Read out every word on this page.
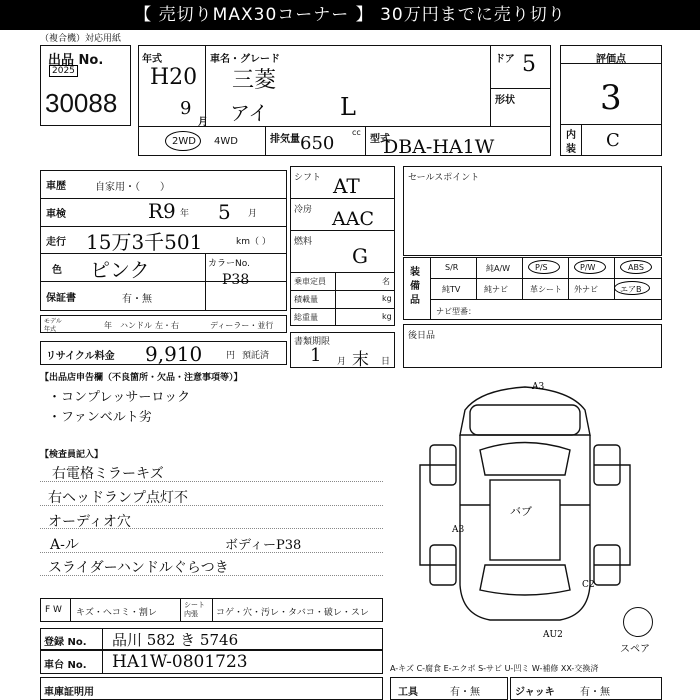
【 売切りMAX30コーナー 】 30万円までに売り切り
（複合機）対応用紙
出品 No.
2025
30088
年式
H20
9
月
車名・グレード
三菱
アイ	L
ドア 5
形状
2WD 4WD	排気量 650
cc
型式
DBA-HA1W
評価点
3
内
装 C
車歴	自家用・（　　）
車検	R9 年 5 月
走行 15万3千501	km（ ）
色 ピンク	カラーNo.
P38
保証書	有・無
モデル
年式	年 ハンドル 左・右	ディーラー・並行
リサイクル料金 9,910	円 預託済
シフト AT
冷房 AAC
燃料
G
乗車定員	名
積載量	kg
総重量	kg
書類期限
1 月 末 日
セールスポイント
装備品
S/R	純A/W	P/S	P/W	ABS
純TV	純ナビ	革シート 外ナビ	エアB
ナビ型番：
後日品
【出品店申告欄（不良箇所・欠品・注意事項等）】
・コンプレッサーロック
・ファンベルト劣
【検査員記入】
右電格ミラーキズ
右ヘッドランプ点灯不
オーディオ穴
A-ル
スライダーハンドルぐらつき
ボディーP38
A3
バブ
A3
C2
AU2
スペア
F W キズ・ヘコミ・割レ
シート 内張	コゲ・穴・汚レ・タバコ・破レ・スレ
登録 No. 品川 582 き 5746
車台 No. HA1W-0801723	A-キズ C-腐食 E-エクボ S-サビ U-凹ミ W-補修 XX-交換済
車庫証明用	工具	有・無	ジャッキ	有・無
